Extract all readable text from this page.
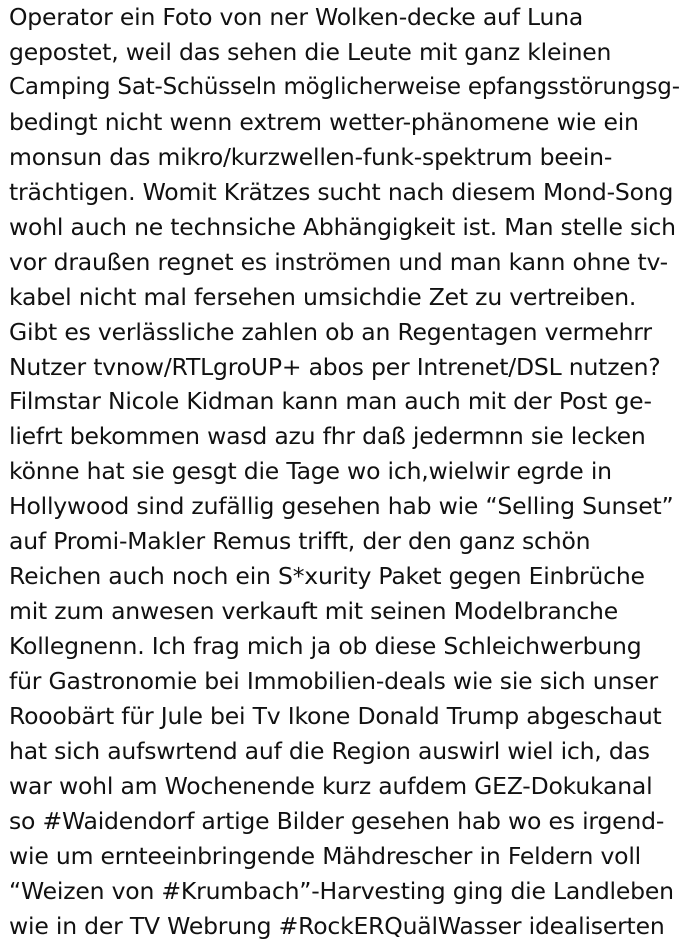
Operator ein Foto von ner Wolken-decke auf Luna
gepostet, weil das sehen die Leute mit ganz kleinen
Camping Sat-Schüsseln möglicherweise epfangsstörungsg-
bedingt nicht wenn extrem wetter-phänomene wie ein
monsun das mikro/kurzwellen-funk-spektrum beein-
trächtigen. Womit Krätzes sucht nach diesem Mond-Song
wohl auch ne technsiche Abhängigkeit ist. Man stelle sich
vor draußen regnet es inströmen und man kann ohne tv-
kabel nicht mal fersehen umsichdie Zet zu vertreiben.
Gibt es verlässliche zahlen ob an Regentagen vermehrr
Nutzer tvnow/RTLgroUP+ abos per Intrenet/DSL nutzen?
Filmstar Nicole Kidman kann man auch mit der Post ge-
liefrt bekommen wasd azu fhr daß jedermnn sie lecken
könne hat sie gesgt die Tage wo ich,wielwir egrde in
Hollywood sind zufällig gesehen hab wie “Selling Sunset”
auf Promi-Makler Remus trifft, der den ganz schön
Reichen auch noch ein S*xurity Paket gegen Einbrüche
mit zum anwesen verkauft mit seinen Modelbranche
Kollegnenn. Ich frag mich ja ob diese Schleichwerbung
für Gastronomie bei Immobilien-deals wie sie sich unser
Rooobärt für Jule bei Tv Ikone Donald Trump abgeschaut
hat sich aufswrtend auf die Region auswirl wiel ich, das
war wohl am Wochenende kurz aufdem GEZ-Dokukanal
so #Waidendorf artige Bilder gesehen hab wo es irgend-
wie um ernteeinbringende Mähdrescher in Feldern voll
“Weizen von #Krumbach”-Harvesting ging die Landleben
wie in der TV Webrung #RockERQuälWasser idealiserten
